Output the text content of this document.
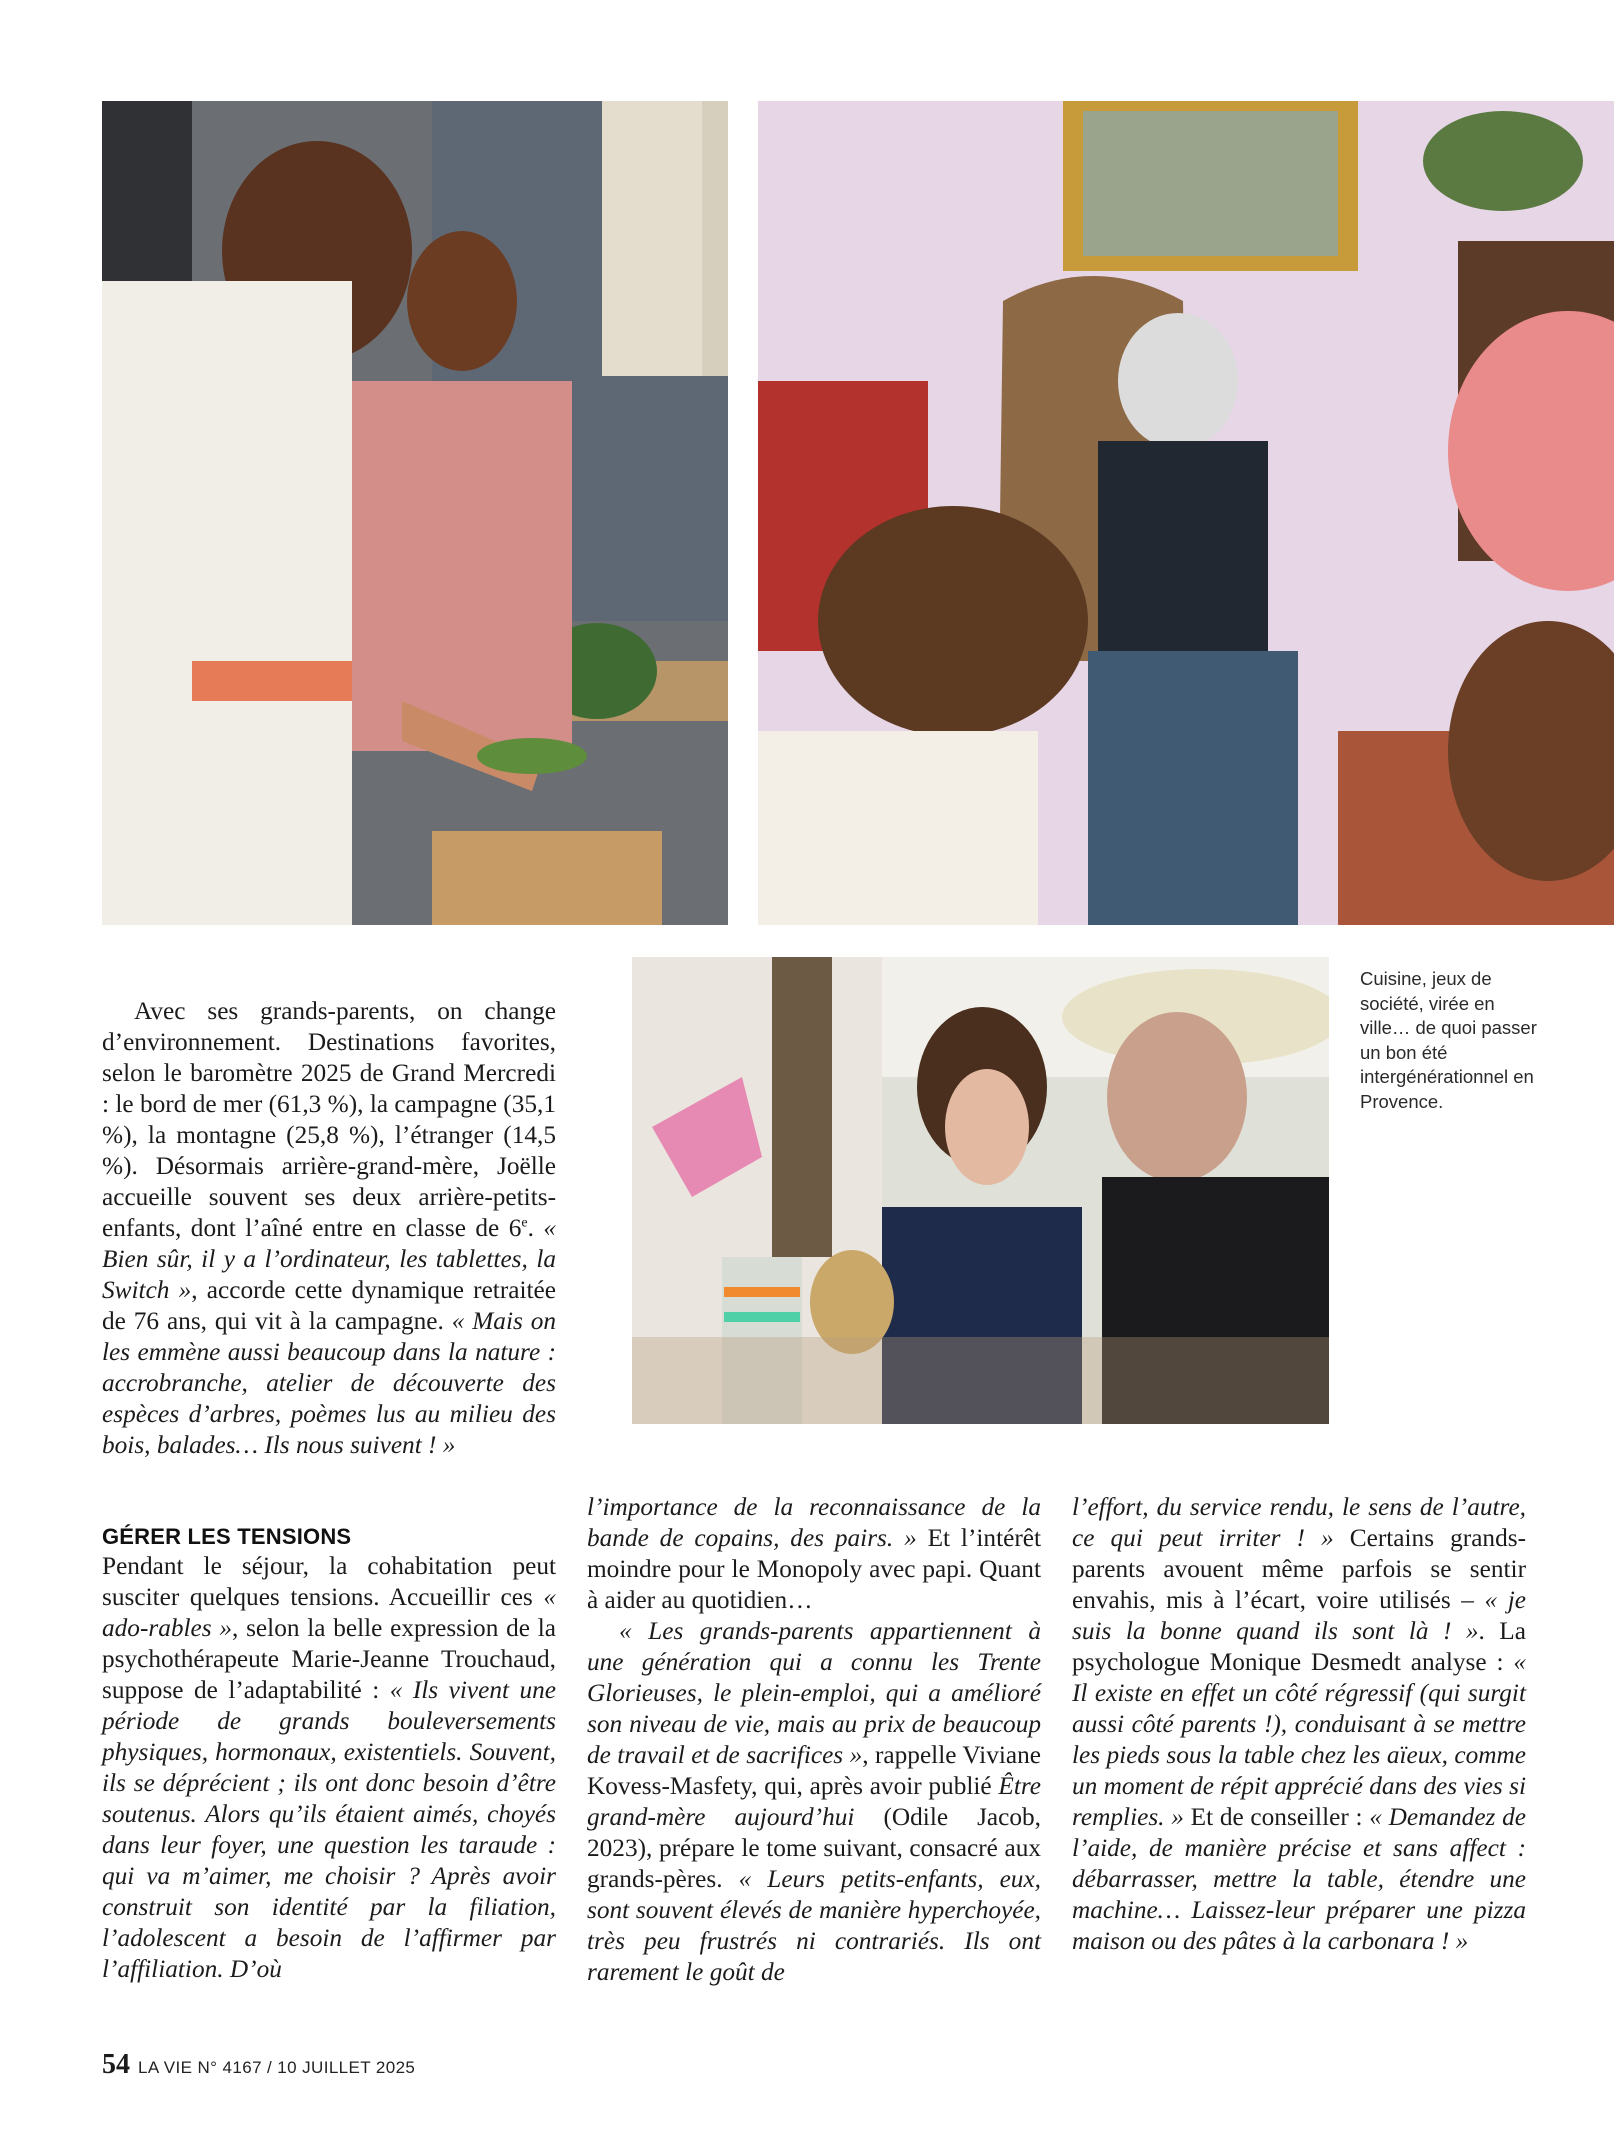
Cuisine, jeux de société, virée en ville… de quoi passer un bon été intergénérationnel en Provence.

Avec ses grands-parents, on change d’environnement. Destinations favorites, selon le baromètre 2025 de Grand Mercredi : le bord de mer (61,3 %), la campagne (35,1 %), la montagne (25,8 %), l’étranger (14,5 %). Désormais arrière-grand-mère, Joëlle accueille souvent ses deux arrière-petits-enfants, dont l’aîné entre en classe de 6e. « Bien sûr, il y a l’ordinateur, les tablettes, la Switch », accorde cette dynamique retraitée de 76 ans, qui vit à la campagne. « Mais on les emmène aussi beaucoup dans la nature : accrobranche, atelier de découverte des espèces d’arbres, poèmes lus au milieu des bois, balades… Ils nous suivent ! »

GÉRER LES TENSIONS

Pendant le séjour, la cohabitation peut susciter quelques tensions. Accueillir ces « ado-rables », selon la belle expression de la psychothérapeute Marie-Jeanne Trouchaud, suppose de l’adaptabilité : « Ils vivent une période de grands bouleversements physiques, hormonaux, existentiels. Souvent, ils se déprécient ; ils ont donc besoin d’être soutenus. Alors qu’ils étaient aimés, choyés dans leur foyer, une question les taraude : qui va m’aimer, me choisir ? Après avoir construit son identité par la filiation, l’adolescent a besoin de l’affirmer par l’affiliation. D’où

l’importance de la reconnaissance de la bande de copains, des pairs. » Et l’intérêt moindre pour le Monopoly avec papi. Quant à aider au quotidien…

« Les grands-parents appartiennent à une génération qui a connu les Trente Glorieuses, le plein-emploi, qui a amélioré son niveau de vie, mais au prix de beaucoup de travail et de sacrifices », rappelle Viviane Kovess-Masfety, qui, après avoir publié Être grand-mère aujourd’hui (Odile Jacob, 2023), prépare le tome suivant, consacré aux grands-pères. « Leurs petits-enfants, eux, sont souvent élevés de manière hyperchoyée, très peu frustrés ni contrariés. Ils ont rarement le goût de

l’effort, du service rendu, le sens de l’autre, ce qui peut irriter ! » Certains grands-parents avouent même parfois se sentir envahis, mis à l’écart, voire utilisés – « je suis la bonne quand ils sont là ! ». La psychologue Monique Desmedt analyse : « Il existe en effet un côté régressif (qui surgit aussi côté parents !), conduisant à se mettre les pieds sous la table chez les aïeux, comme un moment de répit apprécié dans des vies si remplies. » Et de conseiller : « Demandez de l’aide, de manière précise et sans affect : débarrasser, mettre la table, étendre une machine… Laissez-leur préparer une pizza maison ou des pâtes à la carbonara ! »

54 LA VIE N° 4167 / 10 JUILLET 2025
